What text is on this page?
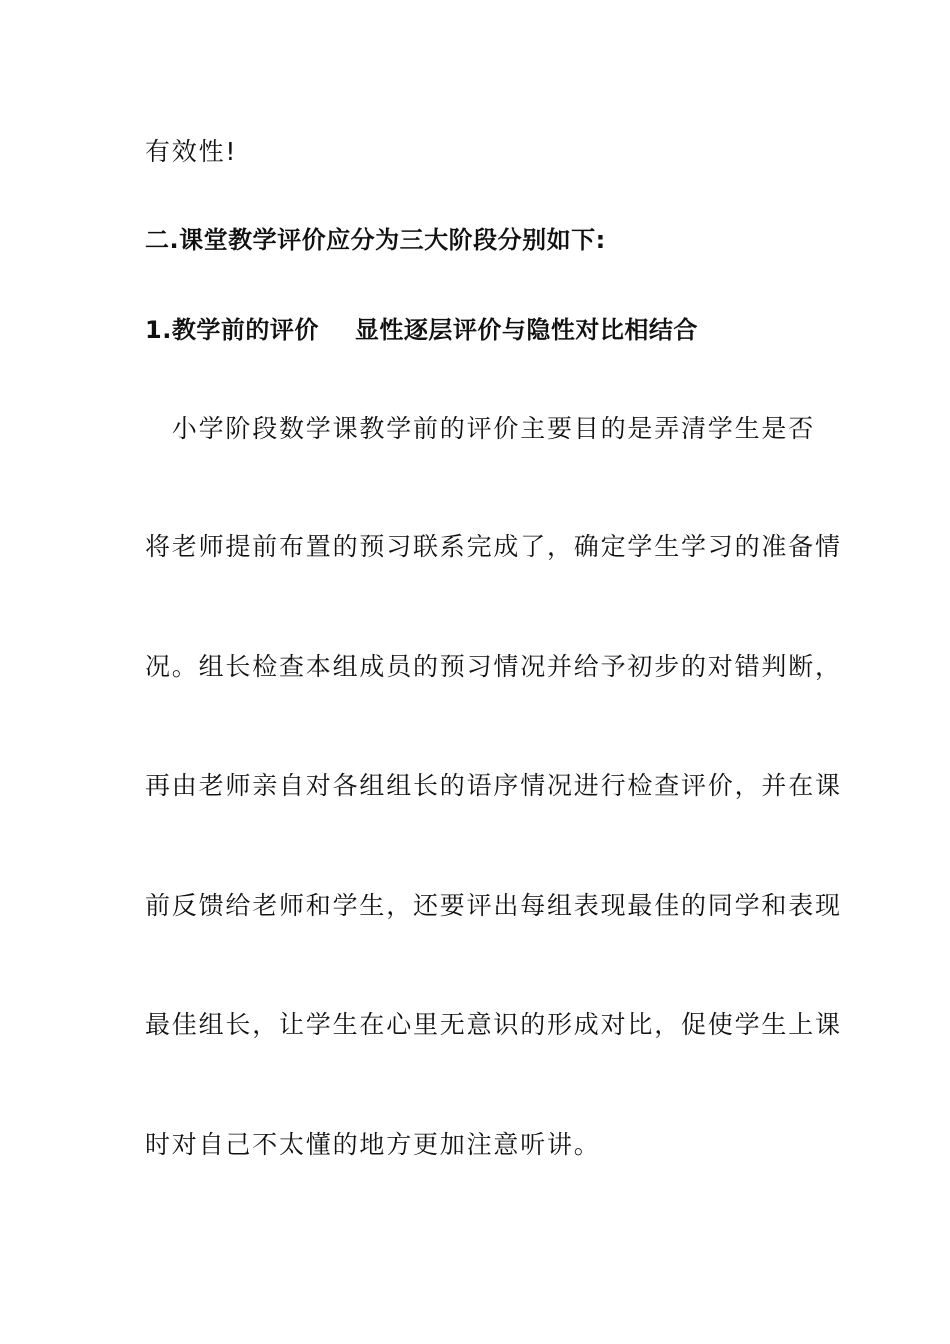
有效性!
二.课堂教学评价应分为三大阶段分别如下:
1.教学前的评价 显性逐层评价与隐性对比相结合
　小学阶段数学课教学前的评价主要目的是弄清学生是否
将老师提前布置的预习联系完成了，确定学生学习的准备情
况。组长检查本组成员的预习情况并给予初步的对错判断，
再由老师亲自对各组组长的语序情况进行检查评价，并在课
前反馈给老师和学生，还要评出每组表现最佳的同学和表现
最佳组长，让学生在心里无意识的形成对比，促使学生上课
时对自己不太懂的地方更加注意听讲。
